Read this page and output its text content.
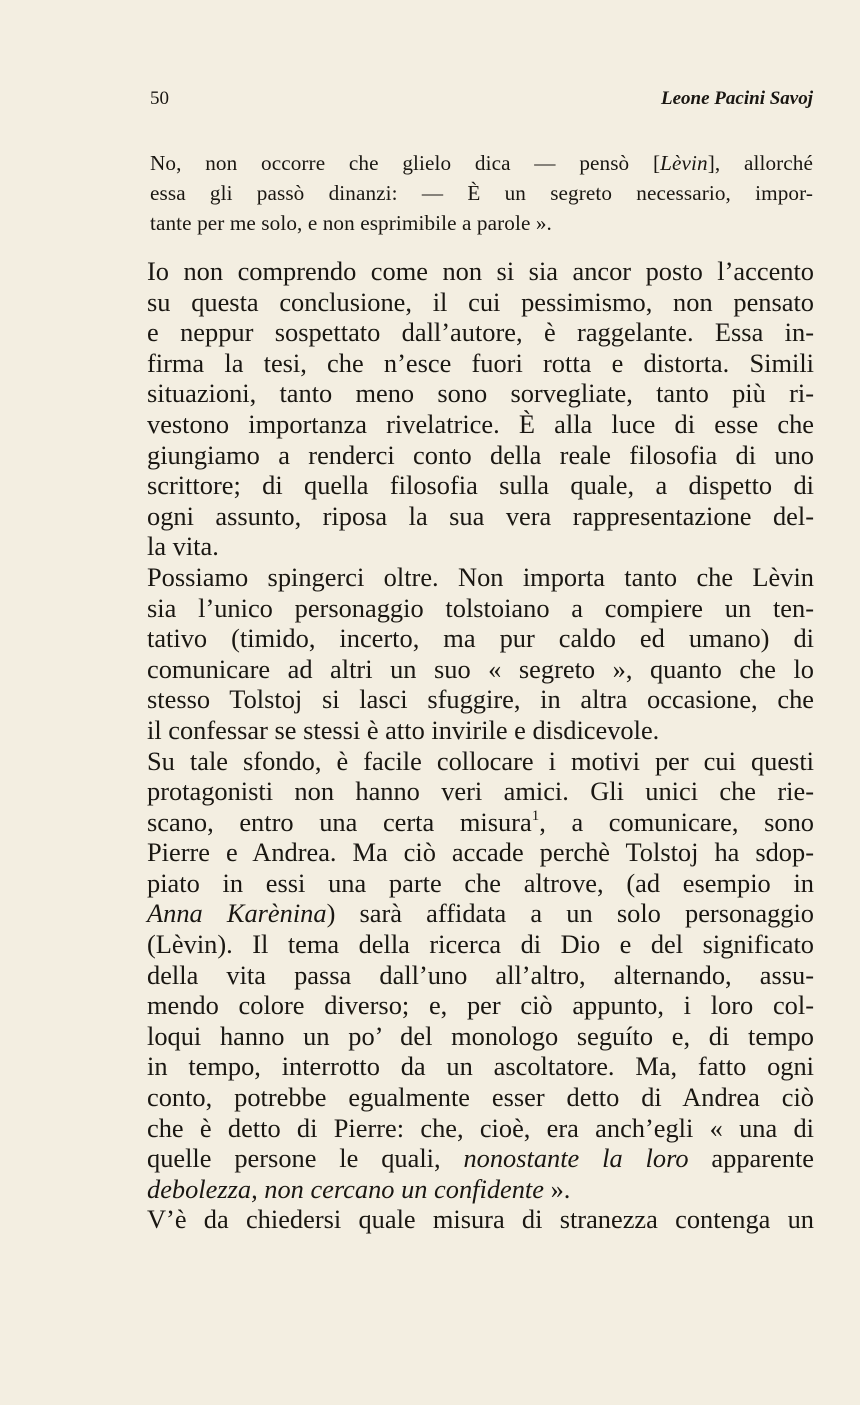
50	Leone Pacini Savoj
No, non occorre che glielo dica — pensò [Lèvin], allorché
essa gli passò dinanzi: — È un segreto necessario, impor-
tante per me solo, e non esprimibile a parole ».
Io non comprendo come non si sia ancor posto l’accento
su questa conclusione, il cui pessimismo, non pensato
e neppur sospettato dall’autore, è raggelante. Essa in-
firma la tesi, che n’esce fuori rotta e distorta. Simili
situazioni, tanto meno sono sorvegliate, tanto più ri-
vestono importanza rivelatrice. È alla luce di esse che
giungiamo a renderci conto della reale filosofia di uno
scrittore; di quella filosofia sulla quale, a dispetto di
ogni assunto, riposa la sua vera rappresentazione del-
la vita.
Possiamo spingerci oltre. Non importa tanto che Lèvin
sia l’unico personaggio tolstoiano a compiere un ten-
tativo (timido, incerto, ma pur caldo ed umano) di
comunicare ad altri un suo « segreto », quanto che lo
stesso Tolstoj si lasci sfuggire, in altra occasione, che
il confessar se stessi è atto invirile e disdicevole.
Su tale sfondo, è facile collocare i motivi per cui questi
protagonisti non hanno veri amici. Gli unici che rie-
scano, entro una certa misura$^1$, a comunicare, sono
Pierre e Andrea. Ma ciò accade perchè Tolstoj ha sdop-
piato in essi una parte che altrove, (ad esempio in
Anna Karènina) sarà affidata a un solo personaggio
(Lèvin). Il tema della ricerca di Dio e del significato
della vita passa dall’uno all’altro, alternando, assu-
mendo colore diverso; e, per ciò appunto, i loro col-
loqui hanno un po’ del monologo seguíto e, di tempo
in tempo, interrotto da un ascoltatore. Ma, fatto ogni
conto, potrebbe egualmente esser detto di Andrea ciò
che è detto di Pierre: che, cioè, era anch’egli « una di
quelle persone le quali, nonostante la loro apparente
debolezza, non cercano un confidente ».
V’è da chiedersi quale misura di stranezza contenga un
